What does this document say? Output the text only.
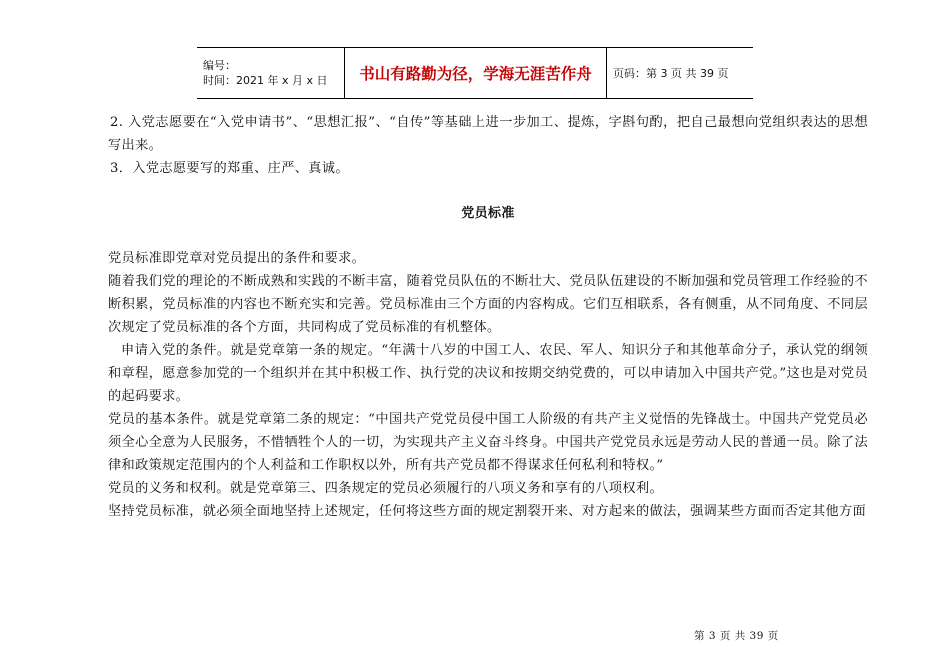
编号：
时间：2021 年 x 月 x 日	书山有路勤为径，学海无涯苦作舟 页码：第 3 页 共 39 页

2. 入党志愿要在“入党申请书”、“思想汇报”、“自传”等基础上进一步加工、提炼，字斟句酌，把自己最想向党组织表达的思想写出来。

3．入党志愿要写的郑重、庄严、真诚。

党员标准

党员标准即党章对党员提出的条件和要求。

随着我们党的理论的不断成熟和实践的不断丰富，随着党员队伍的不断壮大、党员队伍建设的不断加强和党员管理工作经验的不断积累，党员标准的内容也不断充实和完善。党员标准由三个方面的内容构成。它们互相联系，各有侧重，从不同角度、不同层次规定了党员标准的各个方面，共同构成了党员标准的有机整体。

申请入党的条件。就是党章第一条的规定。“年满十八岁的中国工人、农民、军人、知识分子和其他革命分子，承认党的纲领和章程，愿意参加党的一个组织并在其中积极工作、执行党的决议和按期交纳党费的，可以申请加入中国共产党。”这也是对党员的起码要求。

党员的基本条件。就是党章第二条的规定：“中国共产党党员侵中国工人阶级的有共产主义觉悟的先锋战士。中国共产党党员必须全心全意为人民服务，不惜牺牲个人的一切，为实现共产主义奋斗终身。中国共产党党员永远是劳动人民的普通一员。除了法律和政策规定范围内的个人利益和工作职权以外，所有共产党员都不得谋求任何私利和特权。”

党员的义务和权利。就是党章第三、四条规定的党员必须履行的八项义务和享有的八项权利。

坚持党员标准，就必须全面地坚持上述规定，任何将这些方面的规定割裂开来、对方起来的做法，强调某些方面而否定其他方面

第 3 页 共 39 页
